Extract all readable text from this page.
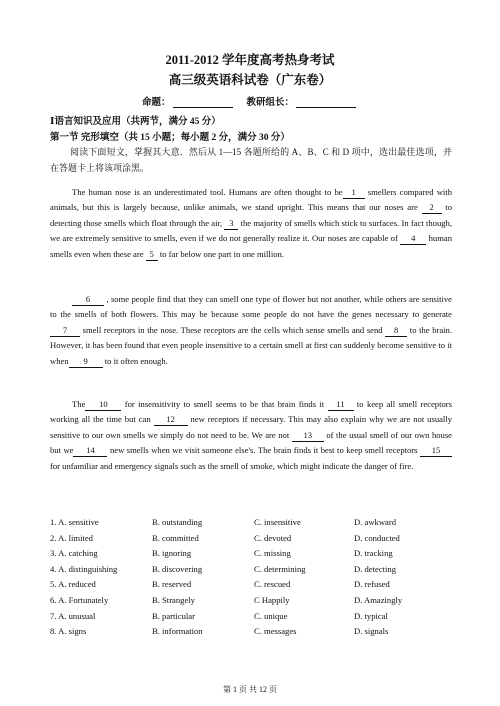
2011-2012 学年度高考热身考试
高三级英语科试卷（广东卷）
命题：	教研组长：
Ⅰ语言知识及应用（共两节，满分 45 分）
第一节 完形填空（共 15 小题；每小题 2 分，满分 30 分）
阅读下面短文，掌握其大意．然后从 1—15 各题所给的 A、B、C 和 D 项中，选出最佳选项，并在答题卡上将该项涂黑。
The human nose is an underestimated tool. Humans are often thought to be 1 smellers compared with animals, but this is largely because, unlike animals, we stand upright. This means that our noses are 2 to detecting those smells which float through the air, 3 the majority of smells which stick to surfaces. In fact though, we are extremely sensitive to smells, even if we do not generally realize it. Our noses are capable of 4 human smells even when these are 5 to far below one part in one million.
6 , some people find that they can smell one type of flower but not another, while others are sensitive to the smells of both flowers. This may be because some people do not have the genes necessary to generate 7 smell receptors in the nose. These receptors are the cells which sense smells and send 8 to the brain. However, it has been found that even people insensitive to a certain smell at first can suddenly become sensitive to it when 9 to it often enough.
The 10 for insensitivity to smell seems to be that brain finds it 11 to keep all smell receptors working all the time but can 12 new receptors if necessary. This may also explain why we are not usually sensitive to our own smells we simply do not need to be. We are not 13 of the usual smell of our own house but we 14 new smells when we visit someone else's. The brain finds it best to keep smell receptors 15 for unfamiliar and emergency signals such as the smell of smoke, which might indicate the danger of fire.
1. A. sensitive	B. outstanding	C. insensitive	D. awkward
2. A. limited	B. committed	C. devoted	D. conducted
3. A. catching	B. ignoring	C. missing	D. tracking
4. A. distinguishing	B. discovering	C. determining	D. detecting
5. A. reduced	B. reserved	C. rescued	D. refused
6. A. Fortunately	B. Strangely	C Happily	D. Amazingly
7. A. unusual	B. particular	C. unique	D. typical
8. A. signs	B. information	C. messages	D. signals
第 1 页 共 12 页
